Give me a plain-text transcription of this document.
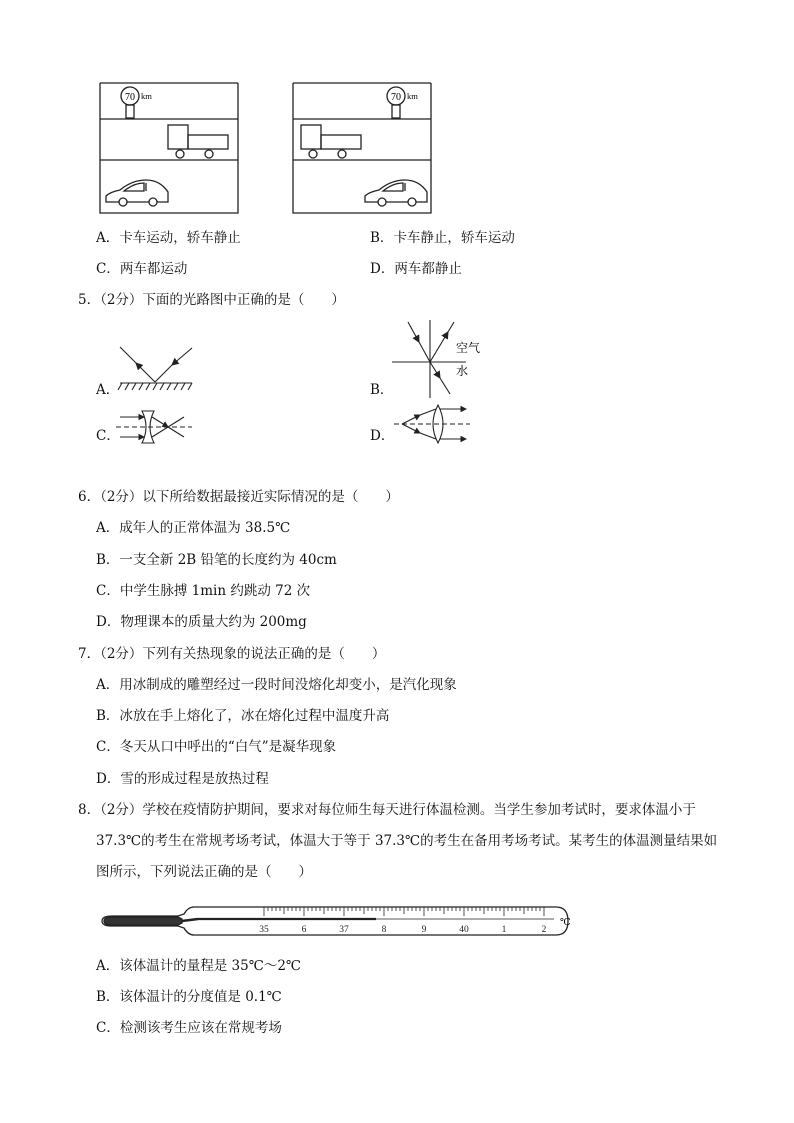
70 km	70 km
A．卡车运动，轿车静止	B．卡车静止，轿车运动
C．两车都运动	D．两车都静止
5．（2分）下面的光路图中正确的是（　　）
A．	B．
空气
水
C．	D．
6．（2分）以下所给数据最接近实际情况的是（　　）
A．成年人的正常体温为 38.5℃
B．一支全新 2B 铅笔的长度约为 40cm
C．中学生脉搏 1min 约跳动 72 次
D．物理课本的质量大约为 200mg
7．（2分）下列有关热现象的说法正确的是（　　）
A．用冰制成的雕塑经过一段时间没熔化却变小，是汽化现象
B．冰放在手上熔化了，冰在熔化过程中温度升高
C．冬天从口中呼出的“白气”是凝华现象
D．雪的形成过程是放热过程
8．（2分）学校在疫情防护期间，要求对每位师生每天进行体温检测。当学生参加考试时，要求体温小于
37.3℃的考生在常规考场考试，体温大于等于 37.3℃的考生在备用考场考试。某考生的体温测量结果如
图所示，下列说法正确的是（　　）
35	6	37	8	9	40	1	2
℃
A．该体温计的量程是 35℃～2℃
B．该体温计的分度值是 0.1℃
C．检测该考生应该在常规考场
